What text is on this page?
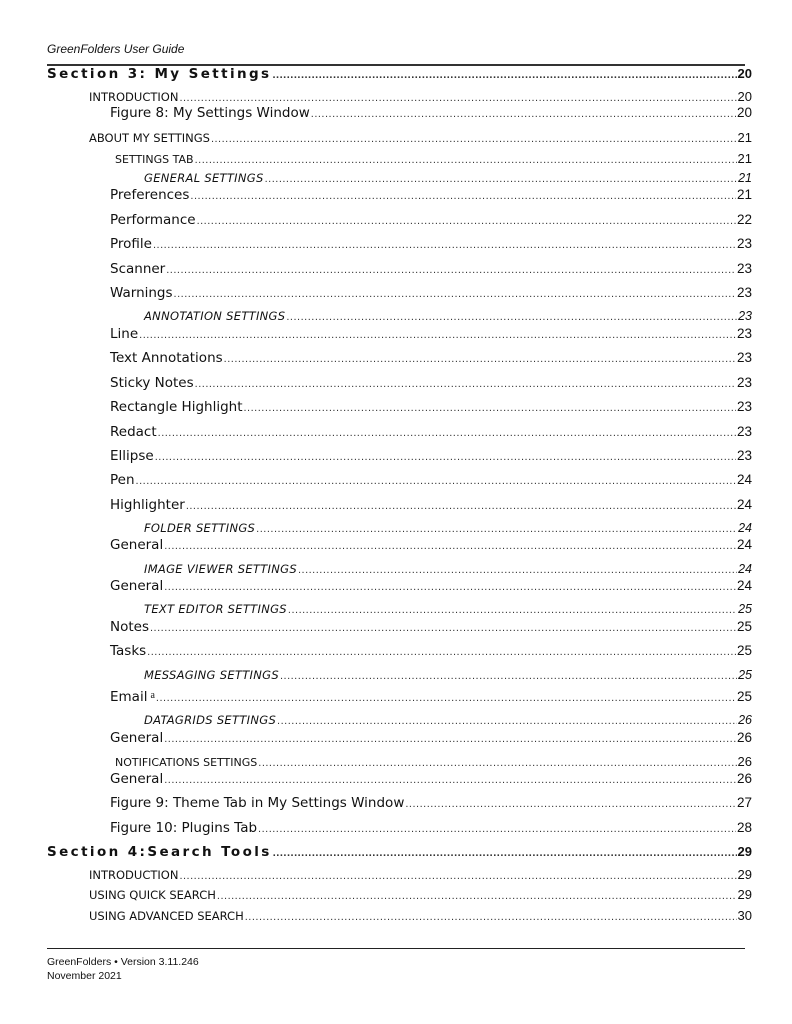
GreenFolders User Guide
Section 3: My Settings .....	20
INTRODUCTION .....	20
Figure 8: My Settings Window .....	20
ABOUT MY SETTINGS .....	21
SETTINGS TAB .....	21
GENERAL SETTINGS .....	21
Preferences .....	21
Performance .....	22
Profile .....	23
Scanner .....	23
Warnings .....	23
ANNOTATION SETTINGS .....	23
Line .....	23
Text Annotations .....	23
Sticky Notes .....	23
Rectangle Highlight .....	23
Redact .....	23
Ellipse .....	23
Pen .....	24
Highlighter .....	24
FOLDER SETTINGS .....	24
General .....	24
IMAGE VIEWER SETTINGS .....	24
General .....	24
TEXT EDITOR SETTINGS .....	25
Notes .....	25
Tasks .....	25
MESSAGING SETTINGS .....	25
Email $^a$ .....	25
DATAGRIDS SETTINGS .....	26
General .....	26
NOTIFICATIONS SETTINGS .....	26
General .....	26
Figure 9: Theme Tab in My Settings Window .....	27
Figure 10: Plugins Tab .....	28
Section 4:Search Tools .....	29
INTRODUCTION .....	29
USING QUICK SEARCH .....	29
USING ADVANCED SEARCH .....	30
GreenFolders • Version 3.11.246
November 2021
